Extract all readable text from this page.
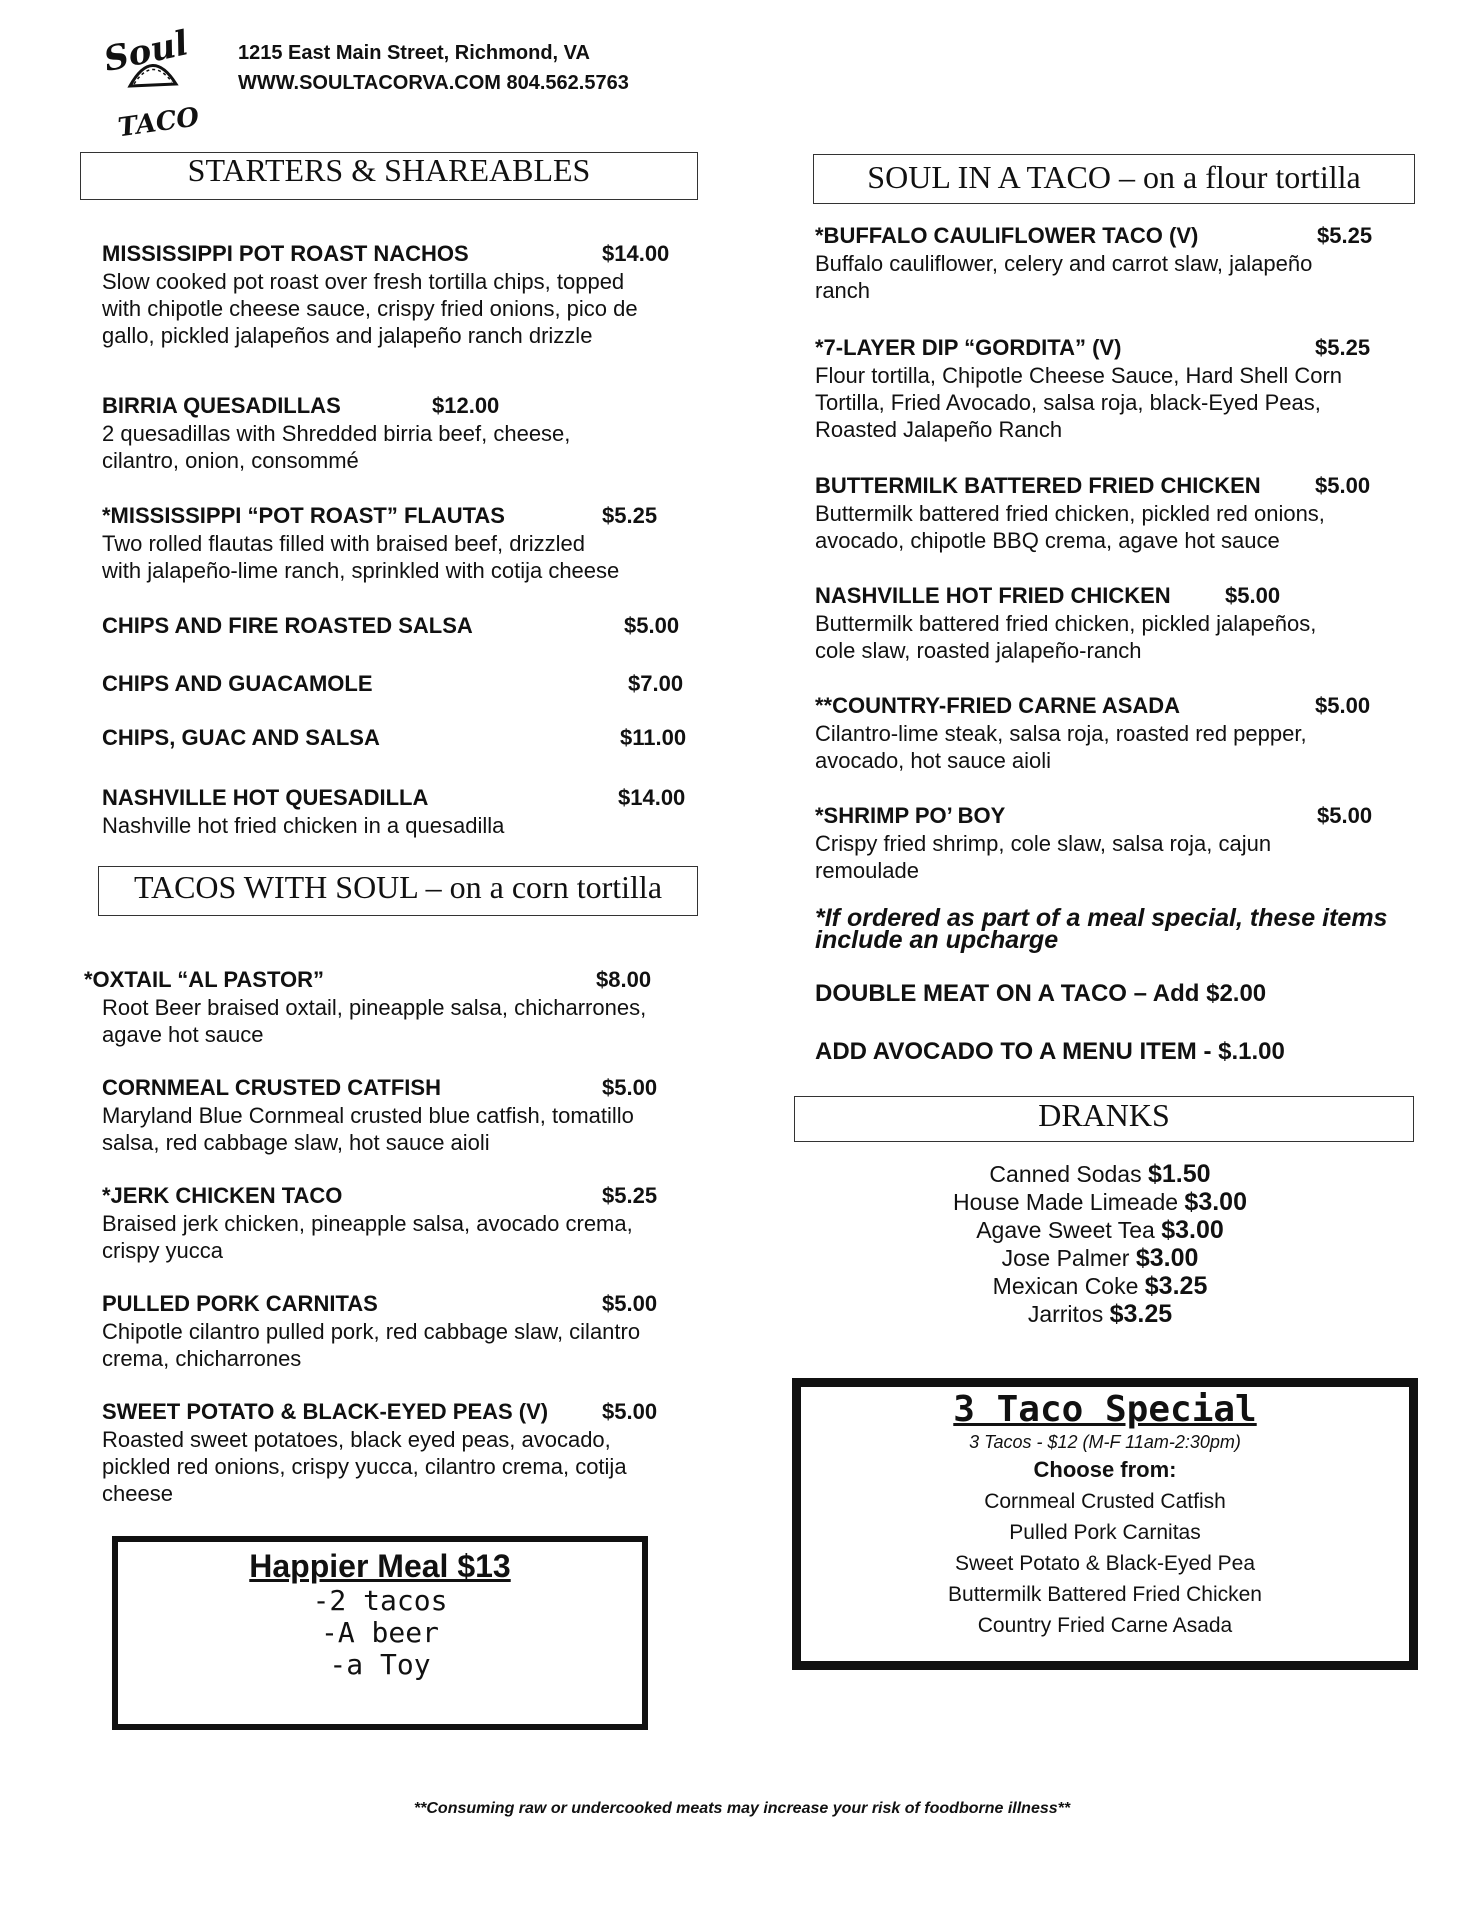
Soul
TACO
1215 East Main Street, Richmond, VA
WWW.SOULTACORVA.COM 804.562.5763
STARTERS & SHAREABLES
TACOS WITH SOUL – on a corn tortilla
SOUL IN A TACO – on a flour tortilla
DRANKS
MISSISSIPPI POT ROAST NACHOS	$14.00
Slow cooked pot roast over fresh tortilla chips, topped
with chipotle cheese sauce, crispy fried onions, pico de
gallo, pickled jalapeños and jalapeño ranch drizzle
BIRRIA QUESADILLAS	$12.00
2 quesadillas with Shredded birria beef, cheese,
cilantro, onion, consommé
*MISSISSIPPI “POT ROAST” FLAUTAS	$5.25
Two rolled flautas filled with braised beef, drizzled
with jalapeño-lime ranch, sprinkled with cotija cheese
CHIPS AND FIRE ROASTED SALSA	$5.00
CHIPS AND GUACAMOLE	$7.00
CHIPS, GUAC AND SALSA	$11.00
NASHVILLE HOT QUESADILLA	$14.00
Nashville hot fried chicken in a quesadilla
*OXTAIL “AL PASTOR”	$8.00
Root Beer braised oxtail, pineapple salsa, chicharrones,
agave hot sauce
CORNMEAL CRUSTED CATFISH	$5.00
Maryland Blue Cornmeal crusted blue catfish, tomatillo
salsa, red cabbage slaw, hot sauce aioli
*JERK CHICKEN TACO	$5.25
Braised jerk chicken, pineapple salsa, avocado crema,
crispy yucca
PULLED PORK CARNITAS	$5.00
Chipotle cilantro pulled pork, red cabbage slaw, cilantro
crema, chicharrones
SWEET POTATO & BLACK-EYED PEAS (V) $5.00
Roasted sweet potatoes, black eyed peas, avocado,
pickled red onions, crispy yucca, cilantro crema, cotija
cheese
*BUFFALO CAULIFLOWER TACO (V)	$5.25
Buffalo cauliflower, celery and carrot slaw, jalapeño
ranch
*7-LAYER DIP “GORDITA” (V)	$5.25
Flour tortilla, Chipotle Cheese Sauce, Hard Shell Corn
Tortilla, Fried Avocado, salsa roja, black-Eyed Peas,
Roasted Jalapeño Ranch
BUTTERMILK BATTERED FRIED CHICKEN $5.00
Buttermilk battered fried chicken, pickled red onions,
avocado, chipotle BBQ crema, agave hot sauce
NASHVILLE HOT FRIED CHICKEN $5.00
Buttermilk battered fried chicken, pickled jalapeños,
cole slaw, roasted jalapeño-ranch
**COUNTRY-FRIED CARNE ASADA	$5.00
Cilantro-lime steak, salsa roja, roasted red pepper,
avocado, hot sauce aioli
*SHRIMP PO’ BOY	$5.00
Crispy fried shrimp, cole slaw, salsa roja, cajun
remoulade
*If ordered as part of a meal special, these items
include an upcharge
DOUBLE MEAT ON A TACO – Add $2.00
ADD AVOCADO TO A MENU ITEM - $.1.00
Canned Sodas $1.50
House Made Limeade $3.00
Agave Sweet Tea $3.00
Jose Palmer $3.00
Mexican Coke $3.25
Jarritos $3.25
Happier Meal $13
-2 tacos
-A beer
-a Toy
3 Taco Special
3 Tacos - $12 (M-F 11am-2:30pm)
Choose from:
Cornmeal Crusted Catfish
Pulled Pork Carnitas
Sweet Potato & Black-Eyed Pea
Buttermilk Battered Fried Chicken
Country Fried Carne Asada
**Consuming raw or undercooked meats may increase your risk of foodborne illness**
